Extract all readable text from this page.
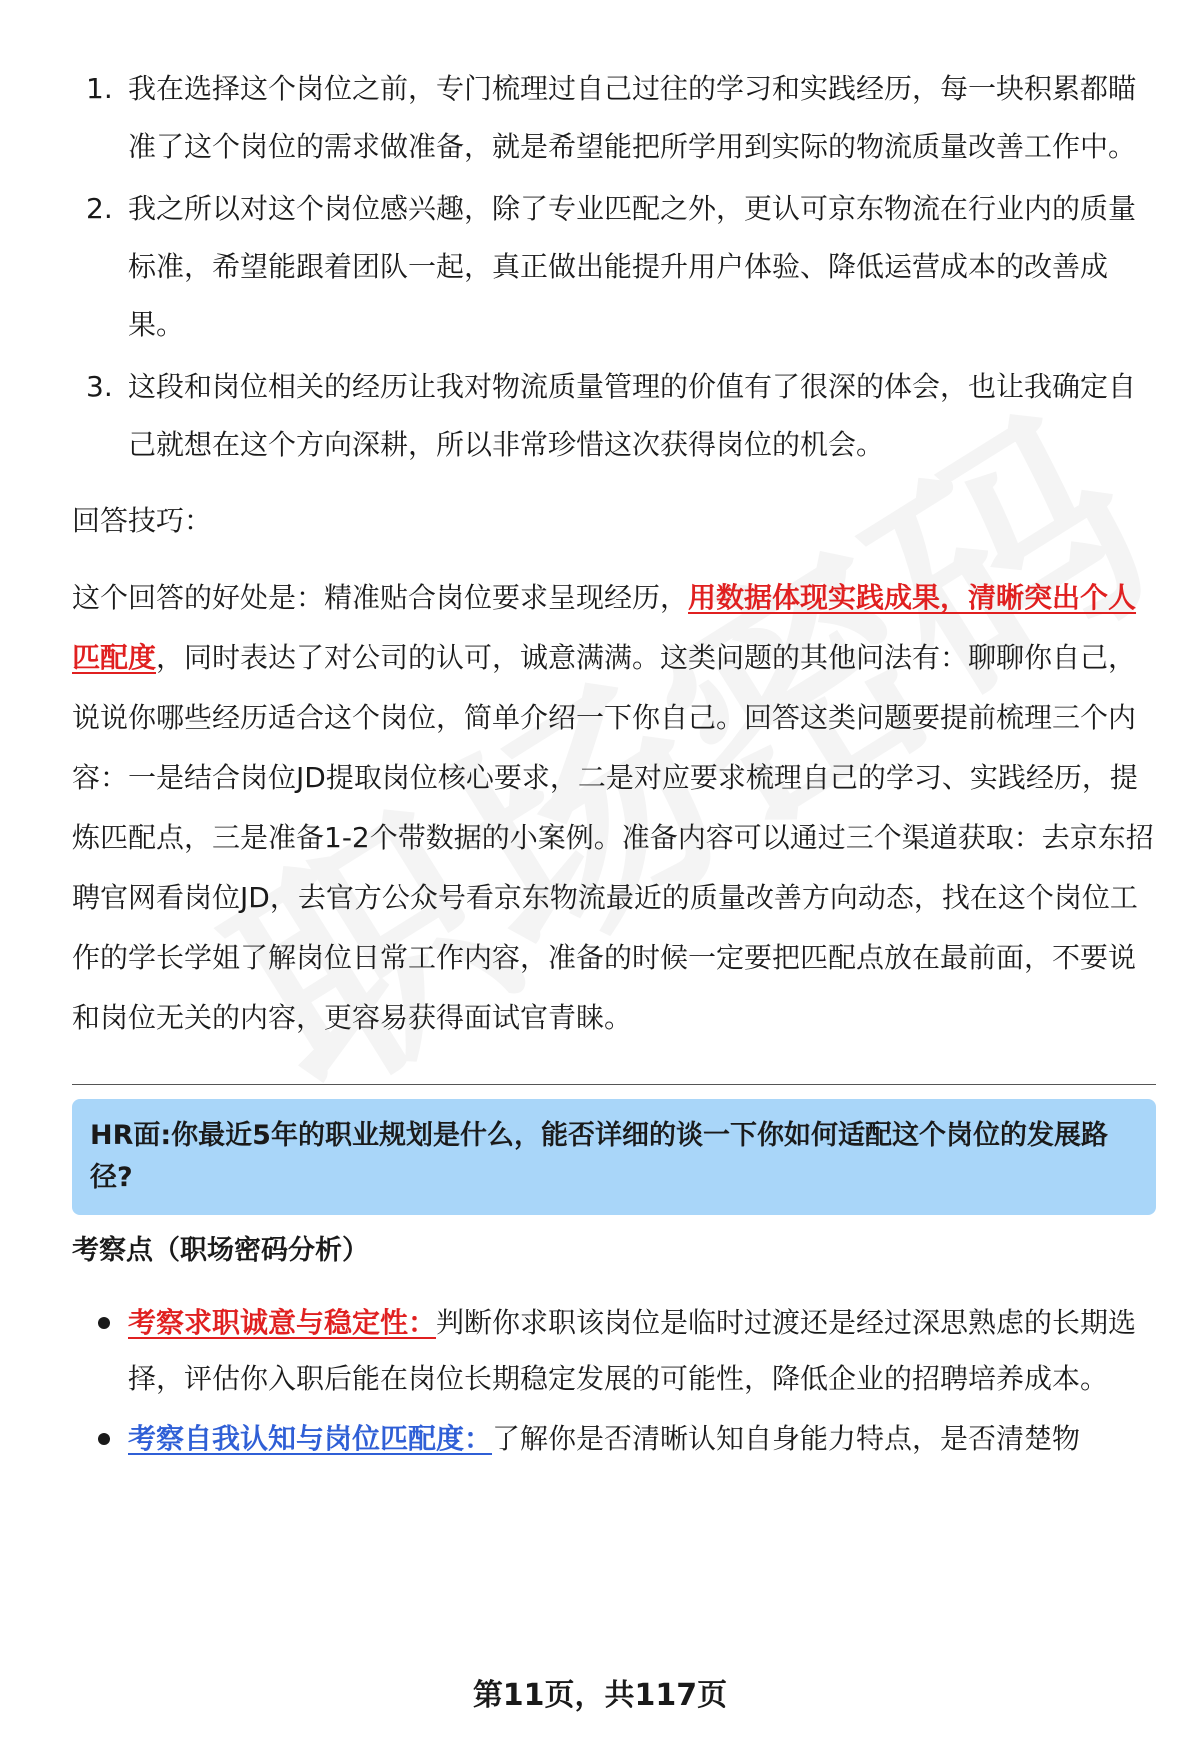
1. 我在选择这个岗位之前，专门梳理过自己过往的学习和实践经历，每一块积累都瞄准了这个岗位的需求做准备，就是希望能把所学用到实际的物流质量改善工作中。
2. 我之所以对这个岗位感兴趣，除了专业匹配之外，更认可京东物流在行业内的质量标准，希望能跟着团队一起，真正做出能提升用户体验、降低运营成本的改善成果。
3. 这段和岗位相关的经历让我对物流质量管理的价值有了很深的体会，也让我确定自己就想在这个方向深耕，所以非常珍惜这次获得岗位的机会。
回答技巧：
这个回答的好处是：精准贴合岗位要求呈现经历，用数据体现实践成果，清晰突出个人匹配度，同时表达了对公司的认可，诚意满满。这类问题的其他问法有：聊聊你自己，说说你哪些经历适合这个岗位，简单介绍一下你自己。回答这类问题要提前梳理三个内容：一是结合岗位JD提取岗位核心要求，二是对应要求梳理自己的学习、实践经历，提炼匹配点，三是准备1-2个带数据的小案例。准备内容可以通过三个渠道获取：去京东招聘官网看岗位JD，去官方公众号看京东物流最近的质量改善方向动态，找在这个岗位工作的学长学姐了解岗位日常工作内容，准备的时候一定要把匹配点放在最前面，不要说和岗位无关的内容，更容易获得面试官青睐。
HR面:你最近5年的职业规划是什么，能否详细的谈一下你如何适配这个岗位的发展路径?
考察点（职场密码分析）
考察求职诚意与稳定性：判断你求职该岗位是临时过渡还是经过深思熟虑的长期选择，评估你入职后能在岗位长期稳定发展的可能性，降低企业的招聘培养成本。
考察自我认知与岗位匹配度：了解你是否清晰认知自身能力特点，是否清楚物
第11页，共117页
